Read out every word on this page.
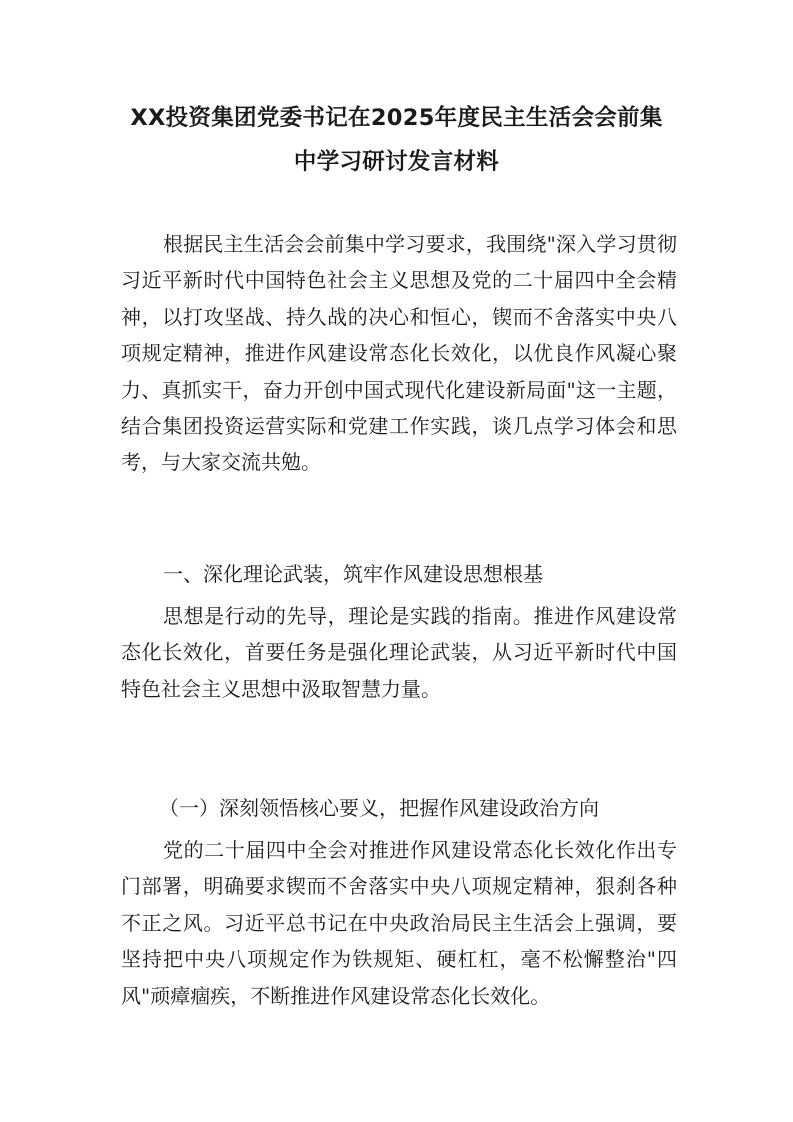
XX投资集团党委书记在2025年度民主生活会会前集
中学习研讨发言材料

根据民主生活会会前集中学习要求，我围绕"深入学习贯彻习近平新时代中国特色社会主义思想及党的二十届四中全会精神，以打攻坚战、持久战的决心和恒心，锲而不舍落实中央八项规定精神，推进作风建设常态化长效化，以优良作风凝心聚力、真抓实干，奋力开创中国式现代化建设新局面"这一主题，结合集团投资运营实际和党建工作实践，谈几点学习体会和思考，与大家交流共勉。

一、深化理论武装，筑牢作风建设思想根基

思想是行动的先导，理论是实践的指南。推进作风建设常态化长效化，首要任务是强化理论武装，从习近平新时代中国特色社会主义思想中汲取智慧力量。

（一）深刻领悟核心要义，把握作风建设政治方向

党的二十届四中全会对推进作风建设常态化长效化作出专门部署，明确要求锲而不舍落实中央八项规定精神，狠刹各种不正之风。习近平总书记在中央政治局民主生活会上强调，要坚持把中央八项规定作为铁规矩、硬杠杠，毫不松懈整治"四风"顽瘴痼疾，不断推进作风建设常态化长效化。
